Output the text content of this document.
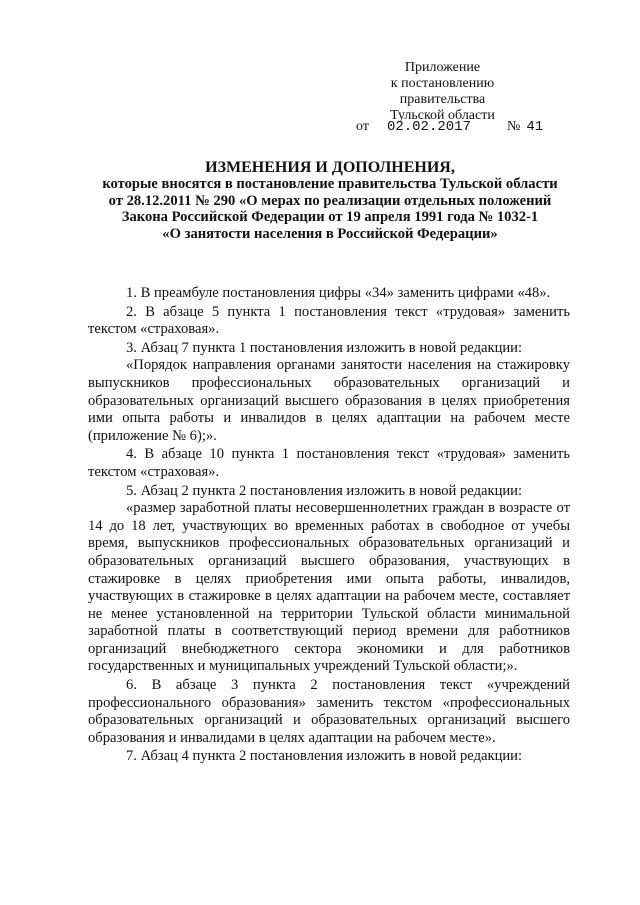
Приложение
к постановлению правительства
Тульской области
от 02.02.2017	№ 41
ИЗМЕНЕНИЯ И ДОПОЛНЕНИЯ,
которые вносятся в постановление правительства Тульской области
от 28.12.2011 № 290 «О мерах по реализации отдельных положений
Закона Российской Федерации от 19 апреля 1991 года № 1032-1
«О занятости населения в Российской Федерации»

1. В преамбуле постановления цифры «34» заменить цифрами «48».

2. В абзаце 5 пункта 1 постановления текст «трудовая» заменить текстом «страховая».

3. Абзац 7 пункта 1 постановления изложить в новой редакции:

«Порядок направления органами занятости населения на стажировку выпускников профессиональных образовательных организаций и образовательных организаций высшего образования в целях приобретения ими опыта работы и инвалидов в целях адаптации на рабочем месте (приложение № 6);».

4. В абзаце 10 пункта 1 постановления текст «трудовая» заменить текстом «страховая».

5. Абзац 2 пункта 2 постановления изложить в новой редакции:

«размер заработной платы несовершеннолетних граждан в возрасте от 14 до 18 лет, участвующих во временных работах в свободное от учебы время, выпускников профессиональных образовательных организаций и образовательных организаций высшего образования, участвующих в стажировке в целях приобретения ими опыта работы, инвалидов, участвующих в стажировке в целях адаптации на рабочем месте, составляет не менее установленной на территории Тульской области минимальной заработной платы в соответствующий период времени для работников организаций внебюджетного сектора экономики и для работников государственных и муниципальных учреждений Тульской области;».

6. В абзаце 3 пункта 2 постановления текст «учреждений профессионального образования» заменить текстом «профессиональных образовательных организаций и образовательных организаций высшего образования и инвалидами в целях адаптации на рабочем месте».

7. Абзац 4 пункта 2 постановления изложить в новой редакции:
